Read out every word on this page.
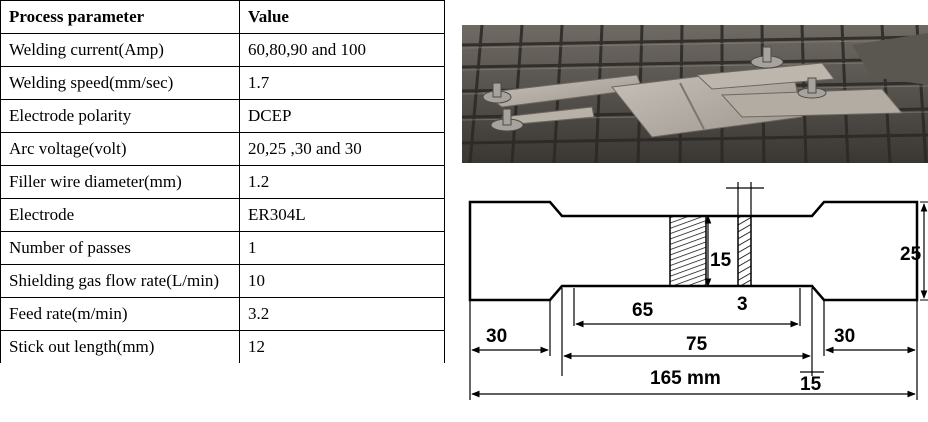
Process parameter	Value
Welding current(Amp)	60,80,90 and 100
Welding speed(mm/sec)	1.7
Electrode polarity	DCEP
Arc voltage(volt)	20,25 ,30 and 30
Filler wire diameter(mm)	1.2
Electrode	ER304L
Number of passes	1
Shielding gas flow rate(L/min)	10
Feed rate(m/min)	3.2
Stick out length(mm)	12
15	25
65	3
30	75	30
165 mm	15
